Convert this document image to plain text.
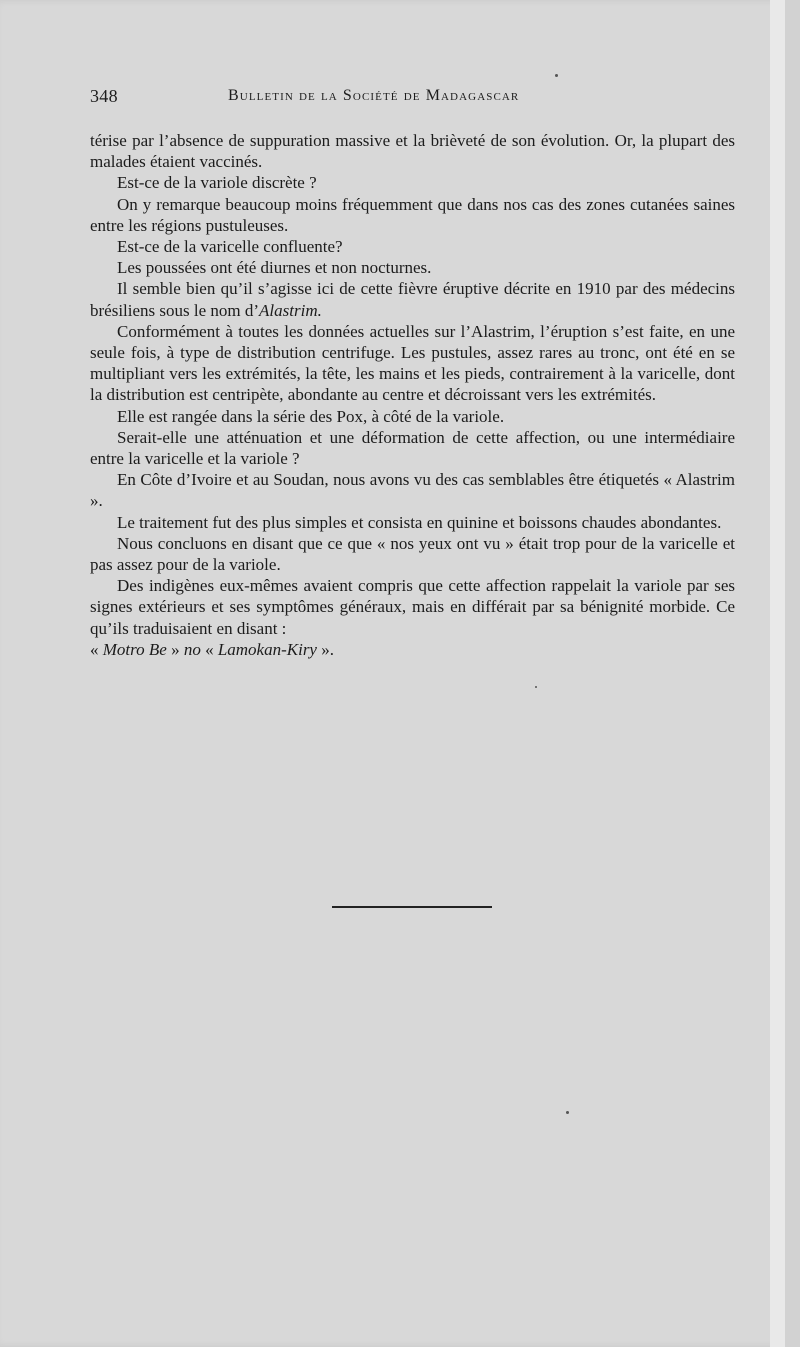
348	Bulletin de la Société de Madagascar

térise par l’absence de suppuration massive et la brièveté de son évolution. Or, la plupart des malades étaient vaccinés.

Est-ce de la variole discrète ?

On y remarque beaucoup moins fréquemment que dans nos cas des zones cutanées saines entre les régions pustuleuses.

Est-ce de la varicelle confluente?

Les poussées ont été diurnes et non nocturnes.

Il semble bien qu’il s’agisse ici de cette fièvre éruptive décrite en 1910 par des médecins brésiliens sous le nom d’Alastrim.

Conformément à toutes les données actuelles sur l’Alastrim, l’éruption s’est faite, en une seule fois, à type de distribution centrifuge. Les pustules, assez rares au tronc, ont été en se multipliant vers les extrémités, la tête, les mains et les pieds, contrairement à la varicelle, dont la distribution est centripète, abondante au centre et décroissant vers les extrémités.

Elle est rangée dans la série des Pox, à côté de la variole.

Serait-elle une atténuation et une déformation de cette affection, ou une intermédiaire entre la varicelle et la variole ?

En Côte d’Ivoire et au Soudan, nous avons vu des cas semblables être étiquetés « Alastrim ».

Le traitement fut des plus simples et consista en quinine et boissons chaudes abondantes.

Nous concluons en disant que ce que « nos yeux ont vu » était trop pour de la varicelle et pas assez pour de la variole.

Des indigènes eux-mêmes avaient compris que cette affection rappelait la variole par ses signes extérieurs et ses symptômes généraux, mais en différait par sa bénignité morbide. Ce qu’ils traduisaient en disant :

« Motro Be » no « Lamokan-Kiry ».
